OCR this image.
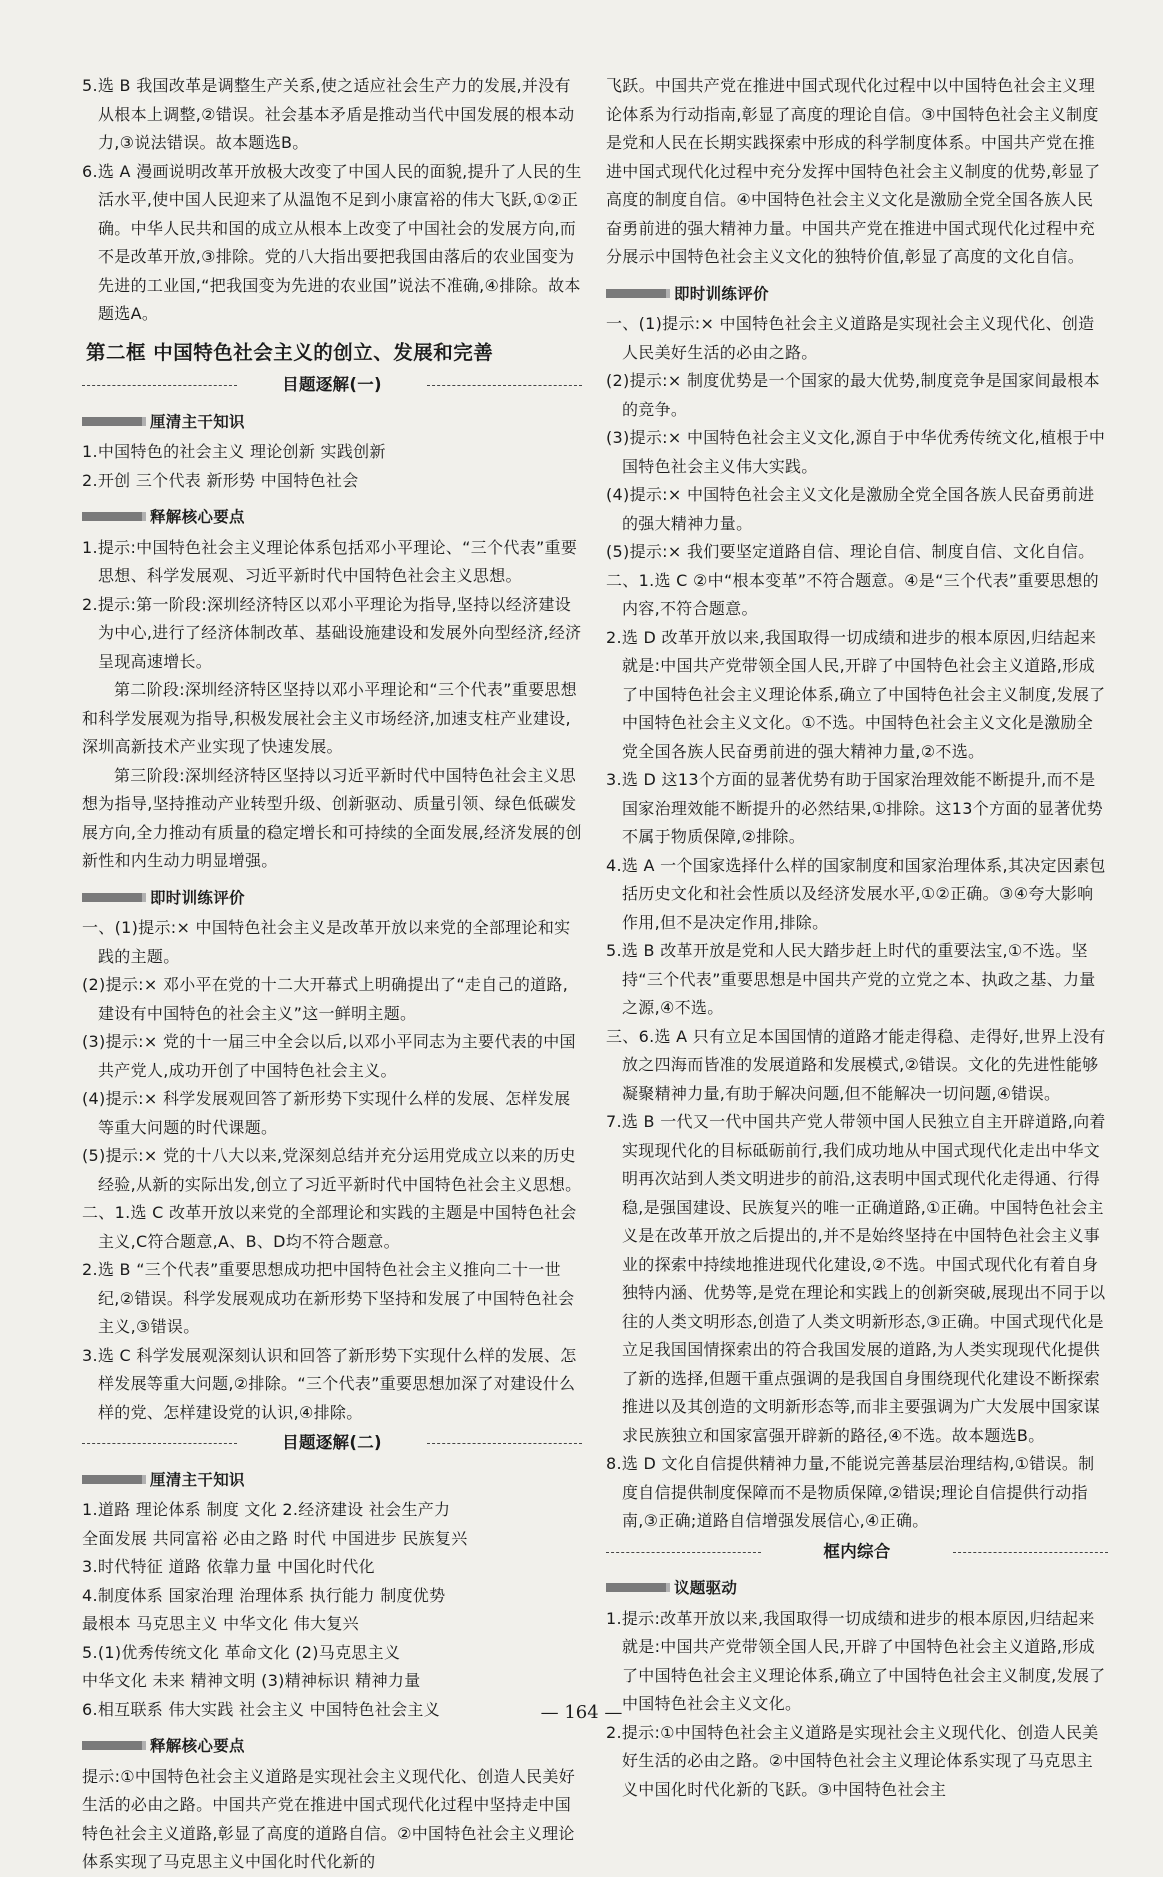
5.选 B 我国改革是调整生产关系,使之适应社会生产力的发展,并没有从根本上调整,②错误。社会基本矛盾是推动当代中国发展的根本动力,③说法错误。故本题选B。

6.选 A 漫画说明改革开放极大改变了中国人民的面貌,提升了人民的生活水平,使中国人民迎来了从温饱不足到小康富裕的伟大飞跃,①②正确。中华人民共和国的成立从根本上改变了中国社会的发展方向,而不是改革开放,③排除。党的八大指出要把我国由落后的农业国变为先进的工业国,“把我国变为先进的农业国”说法不准确,④排除。故本题选A。

第二框 中国特色社会主义的创立、发展和完善
目题逐解(一)
厘清主干知识

1.中国特色的社会主义 理论创新 实践创新

2.开创 三个代表 新形势 中国特色社会

释解核心要点

1.提示:中国特色社会主义理论体系包括邓小平理论、“三个代表”重要思想、科学发展观、习近平新时代中国特色社会主义思想。

2.提示:第一阶段:深圳经济特区以邓小平理论为指导,坚持以经济建设为中心,进行了经济体制改革、基础设施建设和发展外向型经济,经济呈现高速增长。

第二阶段:深圳经济特区坚持以邓小平理论和“三个代表”重要思想和科学发展观为指导,积极发展社会主义市场经济,加速支柱产业建设,深圳高新技术产业实现了快速发展。

第三阶段:深圳经济特区坚持以习近平新时代中国特色社会主义思想为指导,坚持推动产业转型升级、创新驱动、质量引领、绿色低碳发展方向,全力推动有质量的稳定增长和可持续的全面发展,经济发展的创新性和内生动力明显增强。

即时训练评价

一、(1)提示:× 中国特色社会主义是改革开放以来党的全部理论和实践的主题。

(2)提示:× 邓小平在党的十二大开幕式上明确提出了“走自己的道路,建设有中国特色的社会主义”这一鲜明主题。

(3)提示:× 党的十一届三中全会以后,以邓小平同志为主要代表的中国共产党人,成功开创了中国特色社会主义。

(4)提示:× 科学发展观回答了新形势下实现什么样的发展、怎样发展等重大问题的时代课题。

(5)提示:× 党的十八大以来,党深刻总结并充分运用党成立以来的历史经验,从新的实际出发,创立了习近平新时代中国特色社会主义思想。

二、1.选 C 改革开放以来党的全部理论和实践的主题是中国特色社会主义,C符合题意,A、B、D均不符合题意。

2.选 B “三个代表”重要思想成功把中国特色社会主义推向二十一世纪,②错误。科学发展观成功在新形势下坚持和发展了中国特色社会主义,③错误。

3.选 C 科学发展观深刻认识和回答了新形势下实现什么样的发展、怎样发展等重大问题,②排除。“三个代表”重要思想加深了对建设什么样的党、怎样建设党的认识,④排除。

目题逐解(二)
厘清主干知识

1.道路 理论体系 制度 文化 2.经济建设 社会生产力

全面发展 共同富裕 必由之路 时代 中国进步 民族复兴

3.时代特征 道路 依靠力量 中国化时代化

4.制度体系 国家治理 治理体系 执行能力 制度优势

最根本 马克思主义 中华文化 伟大复兴

5.(1)优秀传统文化 革命文化 (2)马克思主义

中华文化 未来 精神文明 (3)精神标识 精神力量

6.相互联系 伟大实践 社会主义 中国特色社会主义

释解核心要点

提示:①中国特色社会主义道路是实现社会主义现代化、创造人民美好生活的必由之路。中国共产党在推进中国式现代化过程中坚持走中国特色社会主义道路,彰显了高度的道路自信。②中国特色社会主义理论体系实现了马克思主义中国化时代化新的

飞跃。中国共产党在推进中国式现代化过程中以中国特色社会主义理论体系为行动指南,彰显了高度的理论自信。③中国特色社会主义制度是党和人民在长期实践探索中形成的科学制度体系。中国共产党在推进中国式现代化过程中充分发挥中国特色社会主义制度的优势,彰显了高度的制度自信。④中国特色社会主义文化是激励全党全国各族人民奋勇前进的强大精神力量。中国共产党在推进中国式现代化过程中充分展示中国特色社会主义文化的独特价值,彰显了高度的文化自信。

即时训练评价

一、(1)提示:× 中国特色社会主义道路是实现社会主义现代化、创造人民美好生活的必由之路。

(2)提示:× 制度优势是一个国家的最大优势,制度竞争是国家间最根本的竞争。

(3)提示:× 中国特色社会主义文化,源自于中华优秀传统文化,植根于中国特色社会主义伟大实践。

(4)提示:× 中国特色社会主义文化是激励全党全国各族人民奋勇前进的强大精神力量。

(5)提示:× 我们要坚定道路自信、理论自信、制度自信、文化自信。

二、1.选 C ②中“根本变革”不符合题意。④是“三个代表”重要思想的内容,不符合题意。

2.选 D 改革开放以来,我国取得一切成绩和进步的根本原因,归结起来就是:中国共产党带领全国人民,开辟了中国特色社会主义道路,形成了中国特色社会主义理论体系,确立了中国特色社会主义制度,发展了中国特色社会主义文化。①不选。中国特色社会主义文化是激励全党全国各族人民奋勇前进的强大精神力量,②不选。

3.选 D 这13个方面的显著优势有助于国家治理效能不断提升,而不是国家治理效能不断提升的必然结果,①排除。这13个方面的显著优势不属于物质保障,②排除。

4.选 A 一个国家选择什么样的国家制度和国家治理体系,其决定因素包括历史文化和社会性质以及经济发展水平,①②正确。③④夸大影响作用,但不是决定作用,排除。

5.选 B 改革开放是党和人民大踏步赶上时代的重要法宝,①不选。坚持“三个代表”重要思想是中国共产党的立党之本、执政之基、力量之源,④不选。

三、6.选 A 只有立足本国国情的道路才能走得稳、走得好,世界上没有放之四海而皆准的发展道路和发展模式,②错误。文化的先进性能够凝聚精神力量,有助于解决问题,但不能解决一切问题,④错误。

7.选 B 一代又一代中国共产党人带领中国人民独立自主开辟道路,向着实现现代化的目标砥砺前行,我们成功地从中国式现代化走出中华文明再次站到人类文明进步的前沿,这表明中国式现代化走得通、行得稳,是强国建设、民族复兴的唯一正确道路,①正确。中国特色社会主义是在改革开放之后提出的,并不是始终坚持在中国特色社会主义事业的探索中持续地推进现代化建设,②不选。中国式现代化有着自身独特内涵、优势等,是党在理论和实践上的创新突破,展现出不同于以往的人类文明形态,创造了人类文明新形态,③正确。中国式现代化是立足我国国情探索出的符合我国发展的道路,为人类实现现代化提供了新的选择,但题干重点强调的是我国自身围绕现代化建设不断探索推进以及其创造的文明新形态等,而非主要强调为广大发展中国家谋求民族独立和国家富强开辟新的路径,④不选。故本题选B。

8.选 D 文化自信提供精神力量,不能说完善基层治理结构,①错误。制度自信提供制度保障而不是物质保障,②错误;理论自信提供行动指南,③正确;道路自信增强发展信心,④正确。

框内综合
议题驱动

1.提示:改革开放以来,我国取得一切成绩和进步的根本原因,归结起来就是:中国共产党带领全国人民,开辟了中国特色社会主义道路,形成了中国特色社会主义理论体系,确立了中国特色社会主义制度,发展了中国特色社会主义文化。

2.提示:①中国特色社会主义道路是实现社会主义现代化、创造人民美好生活的必由之路。②中国特色社会主义理论体系实现了马克思主义中国化时代化新的飞跃。③中国特色社会主

— 164 —
